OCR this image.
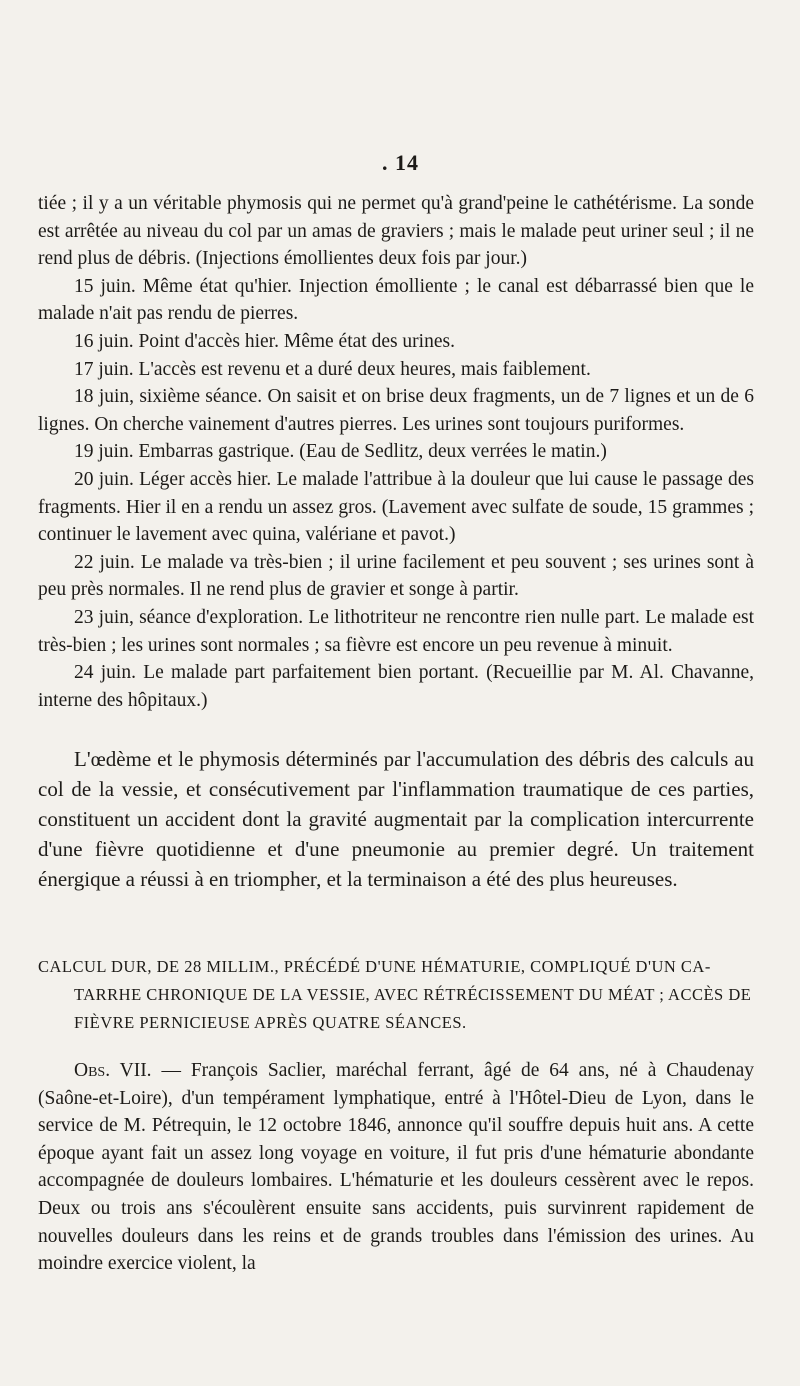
. 14

tiée ; il y a un véritable phymosis qui ne permet qu'à grand'peine le cathétérisme. La sonde est arrêtée au niveau du col par un amas de graviers ; mais le malade peut uriner seul ; il ne rend plus de débris. (Injections émollientes deux fois par jour.)

15 juin. Même état qu'hier. Injection émolliente ; le canal est débarrassé bien que le malade n'ait pas rendu de pierres.

16 juin. Point d'accès hier. Même état des urines.

17 juin. L'accès est revenu et a duré deux heures, mais faiblement.

18 juin, sixième séance. On saisit et on brise deux fragments, un de 7 lignes et un de 6 lignes. On cherche vainement d'autres pierres. Les urines sont toujours puriformes.

19 juin. Embarras gastrique. (Eau de Sedlitz, deux verrées le matin.)

20 juin. Léger accès hier. Le malade l'attribue à la douleur que lui cause le passage des fragments. Hier il en a rendu un assez gros. (Lavement avec sulfate de soude, 15 grammes ; continuer le lavement avec quina, valériane et pavot.)

22 juin. Le malade va très-bien ; il urine facilement et peu souvent ; ses urines sont à peu près normales. Il ne rend plus de gravier et songe à partir.

23 juin, séance d'exploration. Le lithotriteur ne rencontre rien nulle part. Le malade est très-bien ; les urines sont normales ; sa fièvre est encore un peu revenue à minuit.

24 juin. Le malade part parfaitement bien portant. (Recueillie par M. Al. Chavanne, interne des hôpitaux.)

L'œdème et le phymosis déterminés par l'accumulation des débris des calculs au col de la vessie, et consécutivement par l'inflammation traumatique de ces parties, constituent un accident dont la gravité augmentait par la complication intercurrente d'une fièvre quotidienne et d'une pneumonie au premier degré. Un traitement énergique a réussi à en triompher, et la terminaison a été des plus heureuses.

CALCUL DUR, DE 28 MILLIM., PRÉCÉDÉ D'UNE HÉMATURIE, COMPLIQUÉ D'UN CA-
TARRHE CHRONIQUE DE LA VESSIE, AVEC RÉTRÉCISSEMENT DU MÉAT ; ACCÈS DE
FIÈVRE PERNICIEUSE APRÈS QUATRE SÉANCES.

Obs. VII. — François Saclier, maréchal ferrant, âgé de 64 ans, né à Chaudenay (Saône-et-Loire), d'un tempérament lymphatique, entré à l'Hôtel-Dieu de Lyon, dans le service de M. Pétrequin, le 12 octobre 1846, annonce qu'il souffre depuis huit ans. A cette époque ayant fait un assez long voyage en voiture, il fut pris d'une hématurie abondante accompagnée de douleurs lombaires. L'hématurie et les douleurs cessèrent avec le repos. Deux ou trois ans s'écoulèrent ensuite sans accidents, puis survinrent rapidement de nouvelles douleurs dans les reins et de grands troubles dans l'émission des urines. Au moindre exercice violent, la
